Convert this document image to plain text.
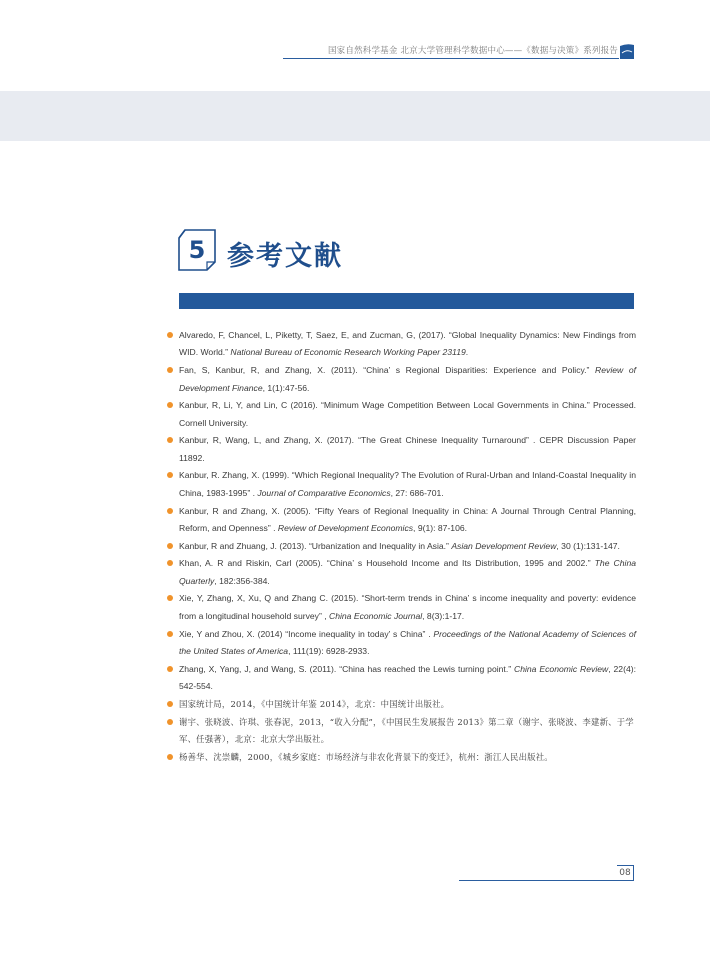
国家自然科学基金 北京大学管理科学数据中心——《数据与决策》系列报告
5 参考文献
Alvaredo, F, Chancel, L, Piketty, T, Saez, E, and Zucman, G, (2017). “Global Inequality Dynamics: New Findings from WID. World.” National Bureau of Economic Research Working Paper 23119.
Fan, S, Kanbur, R, and Zhang, X. (2011). “China’ s Regional Disparities: Experience and Policy.” Review of Development Finance, 1(1):47-56.
Kanbur, R, Li, Y, and Lin, C (2016). “Minimum Wage Competition Between Local Governments in China.” Processed. Cornell University.
Kanbur, R, Wang, L, and Zhang, X. (2017). “The Great Chinese Inequality Turnaround” . CEPR Discussion Paper 11892.
Kanbur, R. Zhang, X. (1999). “Which Regional Inequality? The Evolution of Rural-Urban and Inland-Coastal Inequality in China, 1983-1995” . Journal of Comparative Economics, 27: 686-701.
Kanbur, R and Zhang, X. (2005). “Fifty Years of Regional Inequality in China: A Journal Through Central Planning, Reform, and Openness” . Review of Development Economics, 9(1): 87-106.
Kanbur, R and Zhuang, J. (2013). “Urbanization and Inequality in Asia.” Asian Development Review, 30 (1):131-147.
Khan, A. R and Riskin, Carl (2005). “China’ s Household Income and Its Distribution, 1995 and 2002.” The China Quarterly, 182:356-384.
Xie, Y, Zhang, X, Xu, Q and Zhang C. (2015). “Short-term trends in China’ s income inequality and poverty: evidence from a longitudinal household survey” , China Economic Journal, 8(3):1-17.
Xie, Y and Zhou, X. (2014) “Income inequality in today’ s China” . Proceedings of the National Academy of Sciences of the United States of America, 111(19): 6928-2933.
Zhang, X, Yang, J, and Wang, S. (2011). “China has reached the Lewis turning point.” China Economic Review, 22(4): 542-554.
国家统计局，2014，《中国统计年鉴 2014》，北京：中国统计出版社。
谢宇、张晓波、许琪、张春泥，2013，“收入分配”，《中国民生发展报告 2013》第二章（谢宇、张晓波、李建新、于学军、任强著），北京：北京大学出版社。
杨善华、沈崇麟，2000，《城乡家庭：市场经济与非农化背景下的变迁》，杭州：浙江人民出版社。
08
